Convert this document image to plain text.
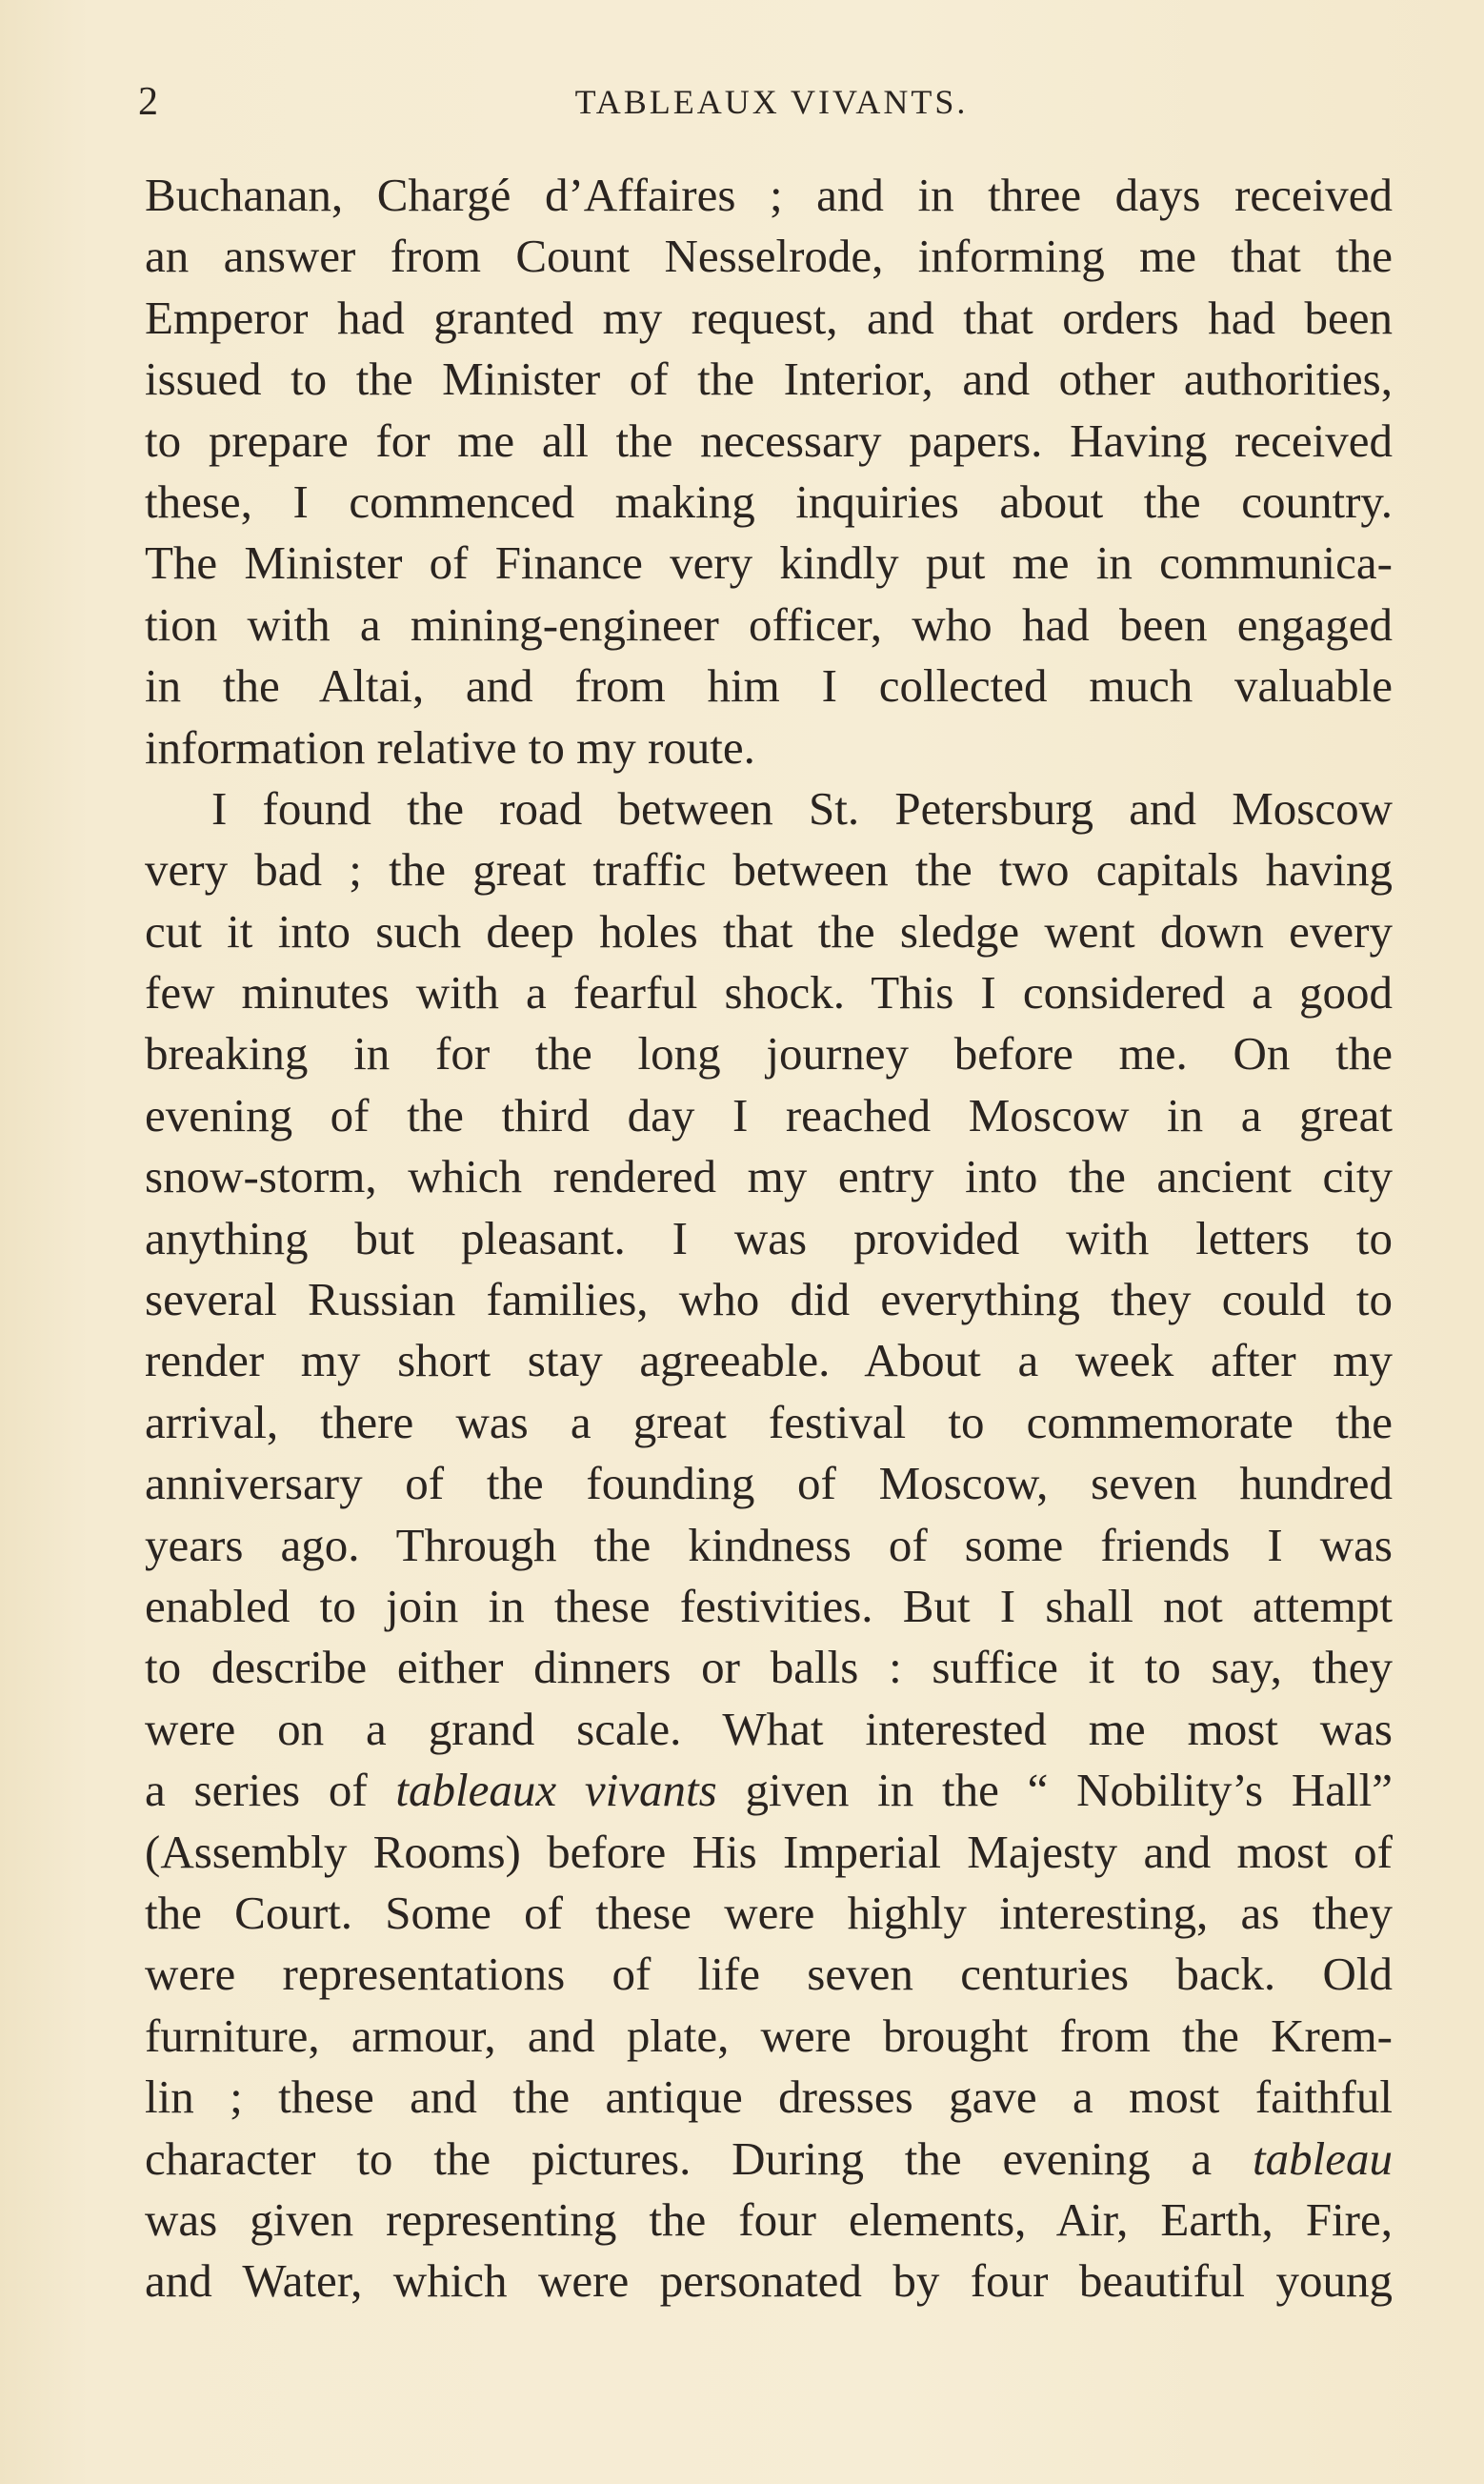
2	TABLEAUX VIVANTS.
Buchanan, Chargé d’Affaires ; and in three days received
an answer from Count Nesselrode, informing me that the
Emperor had granted my request, and that orders had been
issued to the Minister of the Interior, and other authorities,
to prepare for me all the necessary papers. Having received
these, I commenced making inquiries about the country.
The Minister of Finance very kindly put me in communica-
tion with a mining-engineer officer, who had been engaged
in the Altai, and from him I collected much valuable
information relative to my route.
I found the road between St. Petersburg and Moscow
very bad ; the great traffic between the two capitals having
cut it into such deep holes that the sledge went down every
few minutes with a fearful shock. This I considered a good
breaking in for the long journey before me. On the
evening of the third day I reached Moscow in a great
snow-storm, which rendered my entry into the ancient city
anything but pleasant. I was provided with letters to
several Russian families, who did everything they could to
render my short stay agreeable. About a week after my
arrival, there was a great festival to commemorate the
anniversary of the founding of Moscow, seven hundred
years ago. Through the kindness of some friends I was
enabled to join in these festivities. But I shall not attempt
to describe either dinners or balls : suffice it to say, they
were on a grand scale. What interested me most was
a series of tableaux vivants given in the “ Nobility’s Hall”
(Assembly Rooms) before His Imperial Majesty and most of
the Court. Some of these were highly interesting, as they
were representations of life seven centuries back. Old
furniture, armour, and plate, were brought from the Krem-
lin ; these and the antique dresses gave a most faithful
character to the pictures. During the evening a tableau
was given representing the four elements, Air, Earth, Fire,
and Water, which were personated by four beautiful young
